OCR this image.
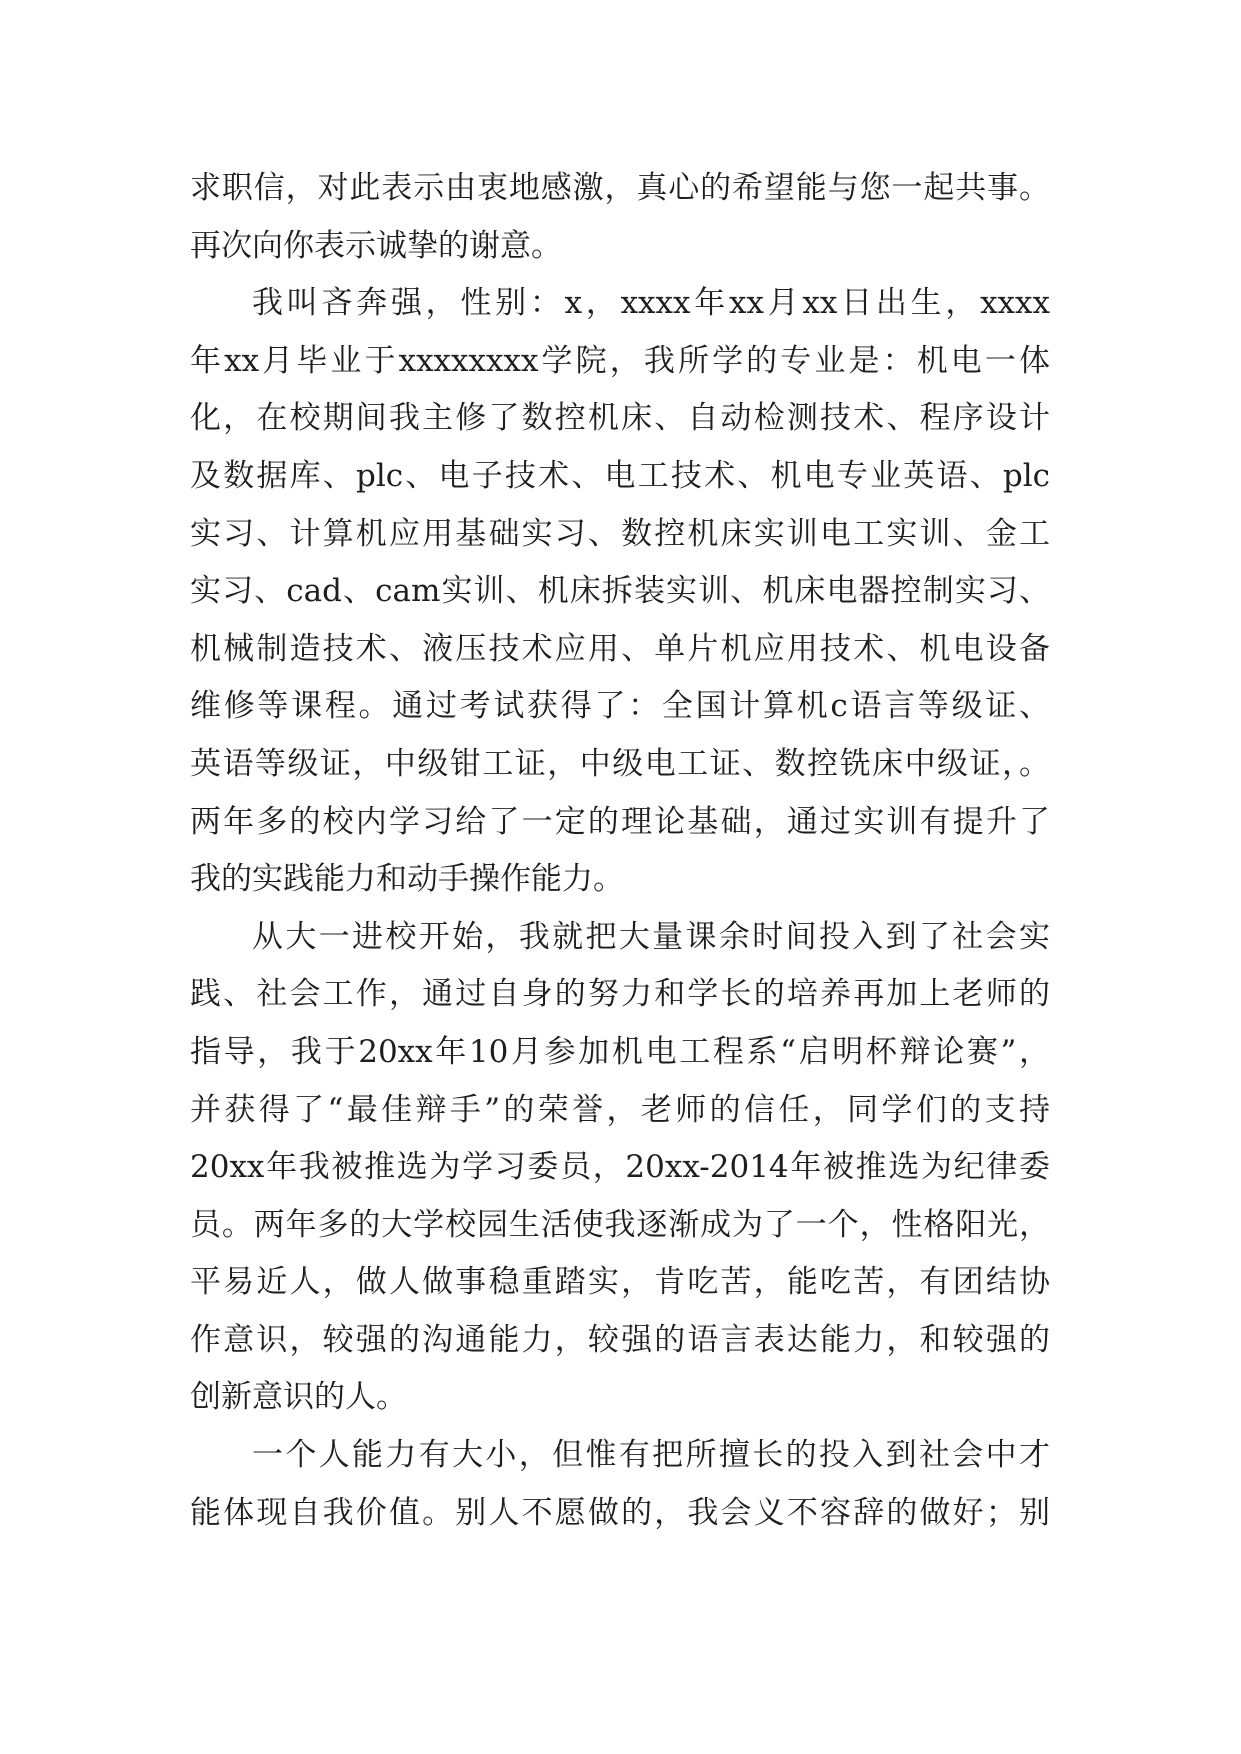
求职信，对此表示由衷地感激，真心的希望能与您一起共事。
再次向你表示诚挚的谢意。
我叫吝奔强，性别：x，xxxx年xx月xx日出生，xxxx
年xx月毕业于xxxxxxxx学院，我所学的专业是：机电一体
化，在校期间我主修了数控机床、自动检测技术、程序设计
及数据库、plc、电子技术、电工技术、机电专业英语、plc
实习、计算机应用基础实习、数控机床实训电工实训、金工
实习、cad、cam实训、机床拆装实训、机床电器控制实习、
机械制造技术、液压技术应用、单片机应用技术、机电设备
维修等课程。通过考试获得了：全国计算机c语言等级证、
英语等级证，中级钳工证，中级电工证、数控铣床中级证，。
两年多的校内学习给了一定的理论基础，通过实训有提升了
我的实践能力和动手操作能力。
从大一进校开始，我就把大量课余时间投入到了社会实
践、社会工作，通过自身的努力和学长的培养再加上老师的
指导，我于20xx年10月参加机电工程系“启明杯辩论赛”，
并获得了“最佳辩手”的荣誉，老师的信任，同学们的支持
20xx年我被推选为学习委员，20xx-2014年被推选为纪律委
员。两年多的大学校园生活使我逐渐成为了一个，性格阳光，
平易近人，做人做事稳重踏实，肯吃苦，能吃苦，有团结协
作意识，较强的沟通能力，较强的语言表达能力，和较强的
创新意识的人。
一个人能力有大小，但惟有把所擅长的投入到社会中才
能体现自我价值。别人不愿做的，我会义不容辞的做好；别
